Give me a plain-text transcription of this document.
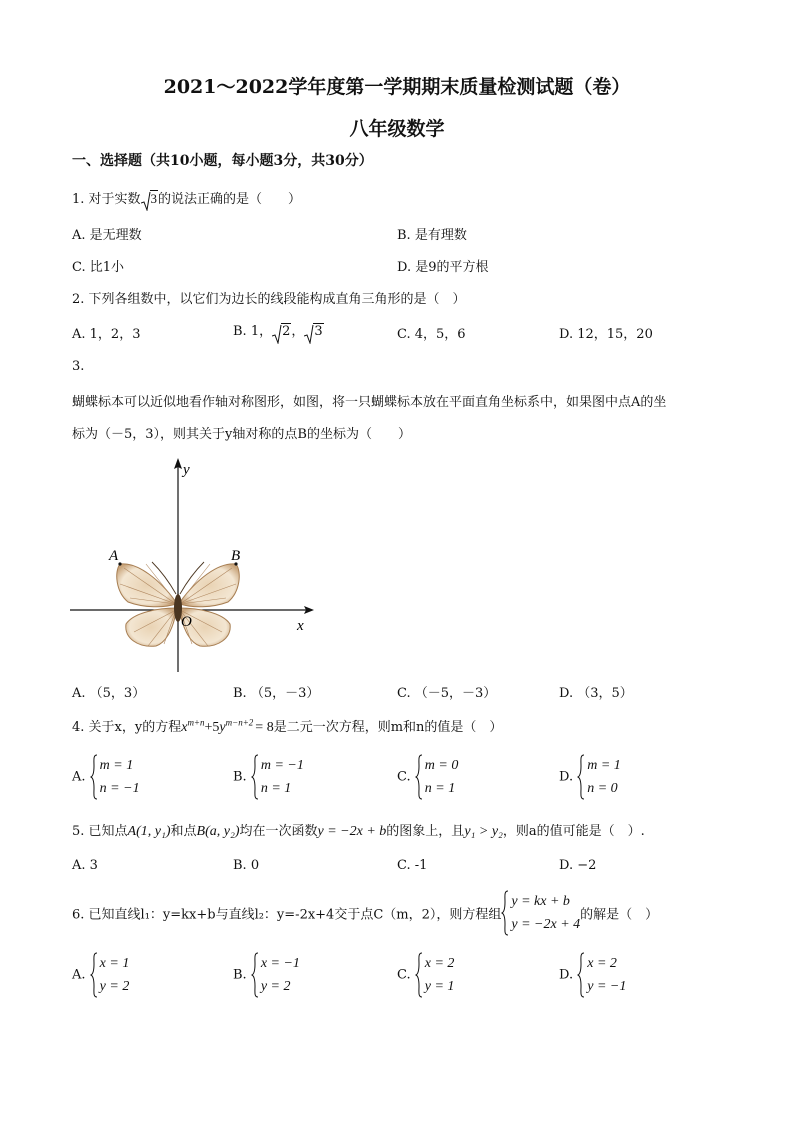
2021～2022学年度第一学期期末质量检测试题（卷）
八年级数学
一、选择题（共10小题，每小题3分，共30分）
1. 对于实数 3的说法正确的是（　　）
A. 是无理数	B. 是有理数
C. 比1小	D. 是9的平方根
2. 下列各组数中，以它们为边长的线段能构成直角三角形的是（　）
A. 1，2，3	B. 1， 2， 3	C. 4，5，6	D. 12，15，20
3.
蝴蝶标本可以近似地看作轴对称图形，如图，将一只蝴蝶标本放在平面直角坐标系中，如果图中点A的坐
标为（－5，3），则其关于y轴对称的点B的坐标为（　　）
A	B
O	x
y
A. （5，3）	B. （5，－3）	C. （－5，－3）	D. （3，5）
4. 关于x，y的方程$x^{m+n}+5y^{m-n+2} = 8$是二元一次方程，则m和n的值是（　）
A.
m = 1
n = −1
B.
m = −1
n = 1
C.
m = 0
n = 1
D.
m = 1
n = 0
5. 已知点A(1, y₁)和点B(a, y₂)均在一次函数y = −2x + b的图象上，且y₁ > y₂，则a的值可能是（　）.
A. 3	B. 0	C. -1	D. −2
6. 已知直线l₁：y=kx+b与直线l₂：y=-2x+4交于点C（m，2），则方程组
y = kx + b
y = −2x + 4的解是（　）
A.
x = 1
y = 2
B.
x = −1
y = 2
C.
x = 2
y = 1
D.
x = 2
y = −1
